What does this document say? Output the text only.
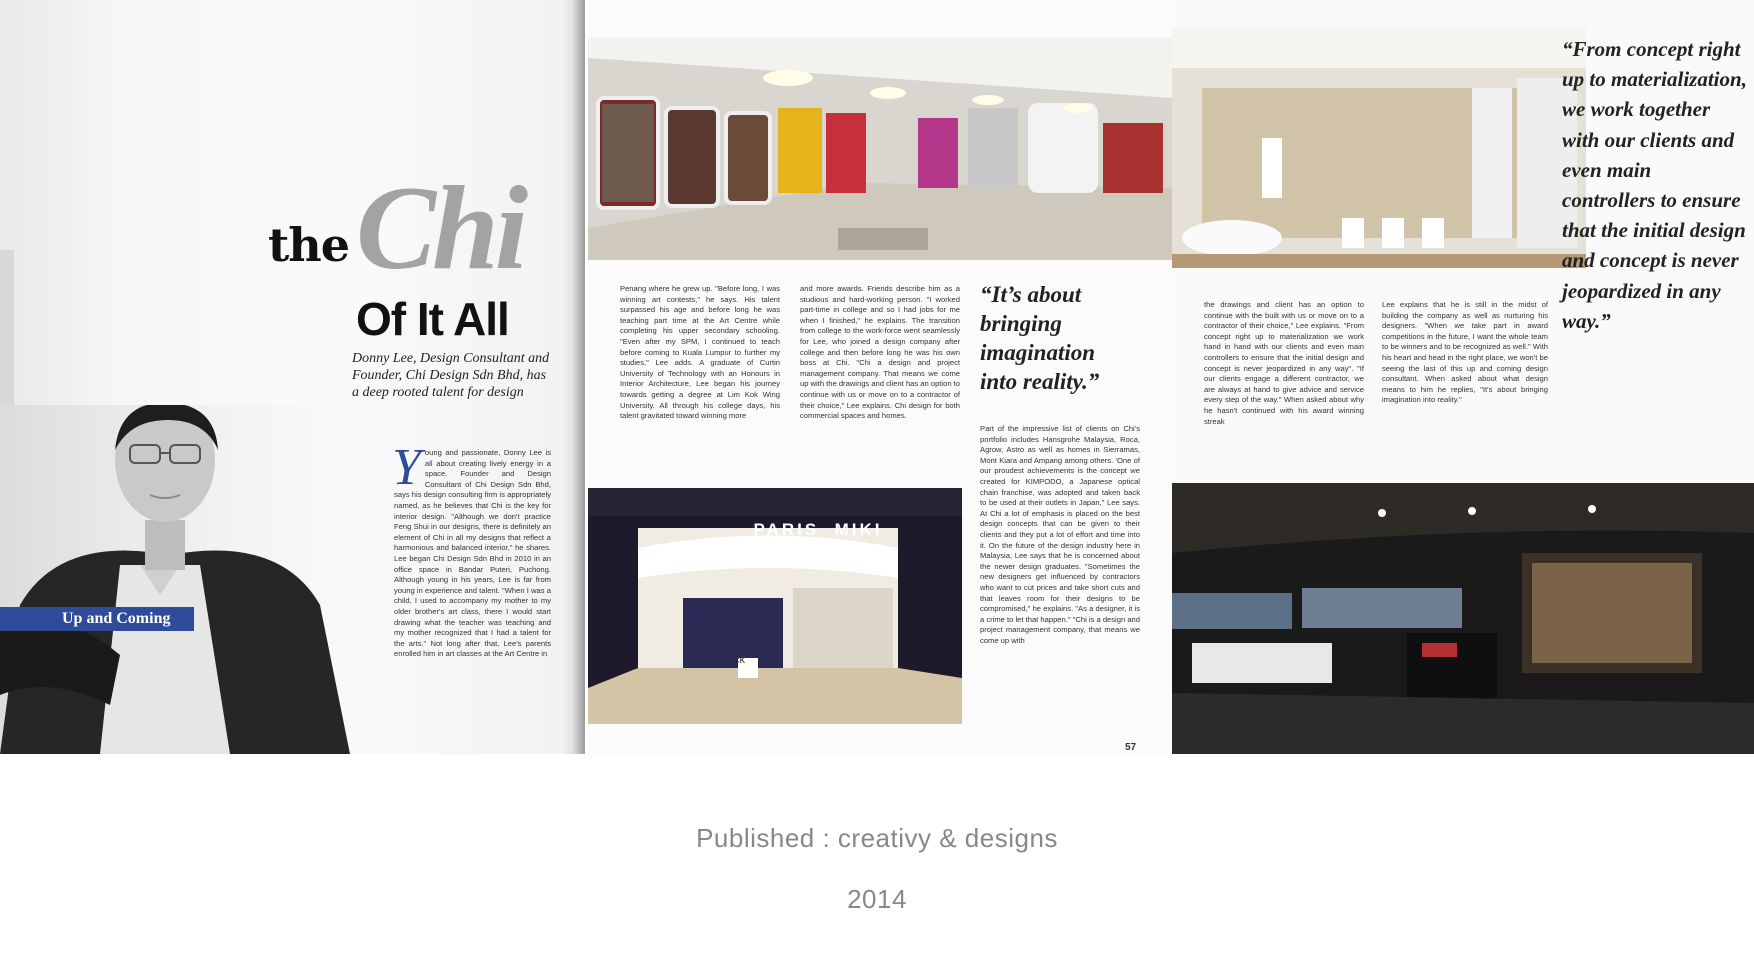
the Chi
Of It All
Donny Lee, Design Consultant and Founder, Chi Design Sdn Bhd, has a deep rooted talent for design
Up and Coming
Y oung and passionate, Donny Lee is all about creating lively energy in a space. Founder and Design Consultant of Chi Design Sdn Bhd, says his design consulting firm is appropriately named, as he believes that Chi is the key for interior design. "Although we don't practice Feng Shui in our designs, there is definitely an element of Chi in all my designs that reflect a harmonious and balanced interior," he shares. Lee began Chi Design Sdn Bhd in 2010 in an office space in Bandar Puteri, Puchong. Although young in his years, Lee is far from young in experience and talent. "When I was a child, I used to accompany my mother to my older brother's art class, there I would start drawing what the teacher was teaching and my mother recognized that I had a talent for the arts." Not long after that, Lee's parents enrolled him in art classes at the Art Centre in
Penang where he grew up. "Before long, I was winning art contests," he says. His talent surpassed his age and before long he was teaching part time at the Art Centre while completing his upper secondary schooling. "Even after my SPM, I continued to teach before coming to Kuala Lumpur to further my studies," Lee adds. A graduate of Curtin University of Technology with an Honours in Interior Architecture, Lee began his journey towards getting a degree at Lim Kok Wing University. All through his college days, his talent gravitated toward winning more
and more awards. Friends describe him as a studious and hard-working person. "I worked part-time in college and so I had jobs for me when I finished," he explains. The transition from college to the work-force went seamlessly for Lee, who joined a design company after college and then before long he was his own boss at Chi. "Chi a design and project management company. That means we come up with the drawings and client has an option to continue with us or move on to a contractor of their choice," Lee explains. Chi design for both commercial spaces and homes.
“It’s about bringing imagination into reality.”
Part of the impressive list of clients on Chi's portfolio includes Hansgrohe Malaysia, Roca, Agrow, Astro as well as homes in Sierramas, Mont Kiara and Ampang among others. 'One of our proudest achievements is the concept we created for KIMPODO, a Japanese optical chain franchise, was adopted and taken back to be used at their outlets in Japan," Lee says. At Chi a lot of emphasis is placed on the best design concepts that can be given to their clients and they put a lot of effort and time into it. On the future of the design industry here in Malaysia, Lee says that he is concerned about the newer design graduates. "Sometimes the new designers get influenced by contractors who want to cut prices and take short cuts and that leaves room for their designs to be compromised," he explains. "As a designer, it is a crime to let that happen." "Chi is a design and project management company, that means we come up with
PARIS  MIKI
ck
“From concept right up to materialization, we work together with our clients and even main controllers to ensure that the initial design and concept is never jeopardized in any way.”
the drawings and client has an option to continue with the built with us or move on to a contractor of their choice," Lee explains. "From concept right up to materialization we work hand in hand with our clients and even main controllers to ensure that the initial design and concept is never jeopardized in any way". "If our clients engage a different contractor, we are always at hand to give advice and service every step of the way." When asked about why he hasn't continued with his award winning streak
Lee explains that he is still in the midst of building the company as well as nurturing his designers. "When we take part in award competitions in the future, I want the whole team to be winners and to be recognized as well." With his heart and head in the right place, we won't be seeing the last of this up and coming design consultant. When asked about what design means to him he replies, "It's about bringing imagination into reality."
57
Published : creativy & designs
2014
